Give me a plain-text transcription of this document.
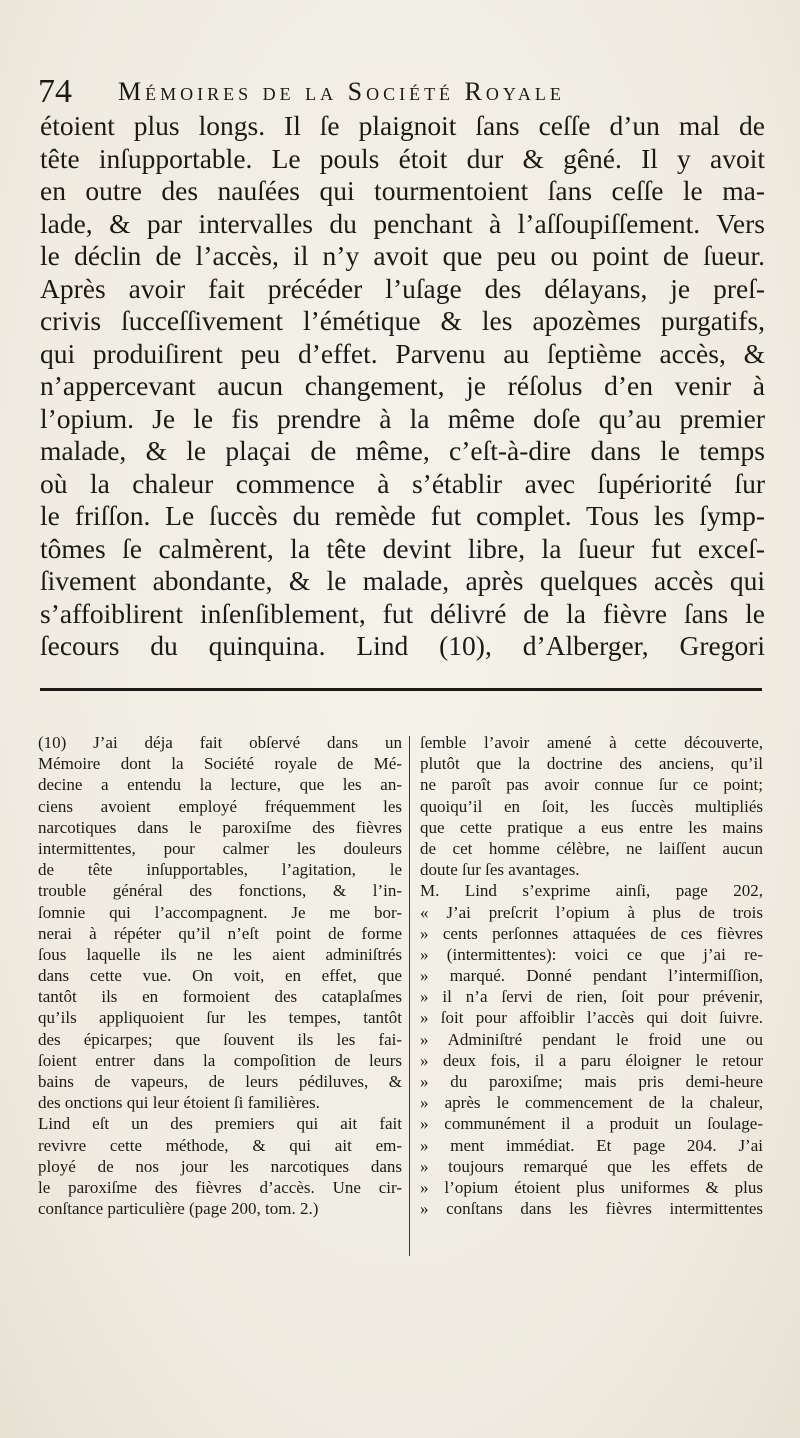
74 Mémoires de la Société Royale
étoient plus longs. Il ſe plaignoit ſans ceſſe d’un mal de
tête inſupportable. Le pouls étoit dur & gêné. Il y avoit
en outre des nauſées qui tourmentoient ſans ceſſe le ma-
lade, & par intervalles du penchant à l’aſſoupiſſement. Vers
le déclin de l’accès, il n’y avoit que peu ou point de ſueur.
Après avoir fait précéder l’uſage des délayans, je preſ-
crivis ſucceſſivement l’émétique & les apozèmes purgatifs,
qui produiſirent peu d’effet. Parvenu au ſeptième accès, &
n’appercevant aucun changement, je réſolus d’en venir à
l’opium. Je le fis prendre à la même doſe qu’au premier
malade, & le plaçai de même, c’eſt-à-dire dans le temps
où la chaleur commence à s’établir avec ſupériorité ſur
le friſſon. Le ſuccès du remède fut complet. Tous les ſymp-
tômes ſe calmèrent, la tête devint libre, la ſueur fut exceſ-
ſivement abondante, & le malade, après quelques accès qui
s’affoiblirent inſenſiblement, fut délivré de la fièvre ſans le
ſecours du quinquina. Lind (10), d’Alberger, Gregori
(10) J’ai déja fait obſervé dans un
Mémoire dont la Société royale de Mé-
decine a entendu la lecture, que les an-
ciens avoient employé fréquemment les
narcotiques dans le paroxiſme des fièvres
intermittentes, pour calmer les douleurs
de tête inſupportables, l’agitation, le
trouble général des fonctions, & l’in-
ſomnie qui l’accompagnent. Je me bor-
nerai à répéter qu’il n’eſt point de forme
ſous laquelle ils ne les aient adminiſtrés
dans cette vue. On voit, en effet, que
tantôt ils en formoient des cataplaſmes
qu’ils appliquoient ſur les tempes, tantôt
des épicarpes; que ſouvent ils les fai-
ſoient entrer dans la compoſition de leurs
bains de vapeurs, de leurs pédiluves, &
des onctions qui leur étoient ſi familières.
Lind eſt un des premiers qui ait fait
revivre cette méthode, & qui ait em-
ployé de nos jour les narcotiques dans
le paroxiſme des fièvres d’accès. Une cir-
conſtance particulière (page 200, tom. 2.)
ſemble l’avoir amené à cette découverte,
plutôt que la doctrine des anciens, qu’il
ne paroît pas avoir connue ſur ce point;
quoiqu’il en ſoit, les ſuccès multipliés
que cette pratique a eus entre les mains
de cet homme célèbre, ne laiſſent aucun
doute ſur ſes avantages.
M. Lind s’exprime ainſi, page 202,
« J’ai preſcrit l’opium à plus de trois
» cents perſonnes attaquées de ces fièvres
» (intermittentes): voici ce que j’ai re-
» marqué. Donné pendant l’intermiſſion,
» il n’a ſervi de rien, ſoit pour prévenir,
» ſoit pour affoiblir l’accès qui doit ſuivre.
» Adminiſtré pendant le froid une ou
» deux fois, il a paru éloigner le retour
» du paroxiſme; mais pris demi-heure
» après le commencement de la chaleur,
» communément il a produit un ſoulage-
» ment immédiat. Et page 204. J’ai
» toujours remarqué que les effets de
» l’opium étoient plus uniformes & plus
» conſtans dans les fièvres intermittentes
